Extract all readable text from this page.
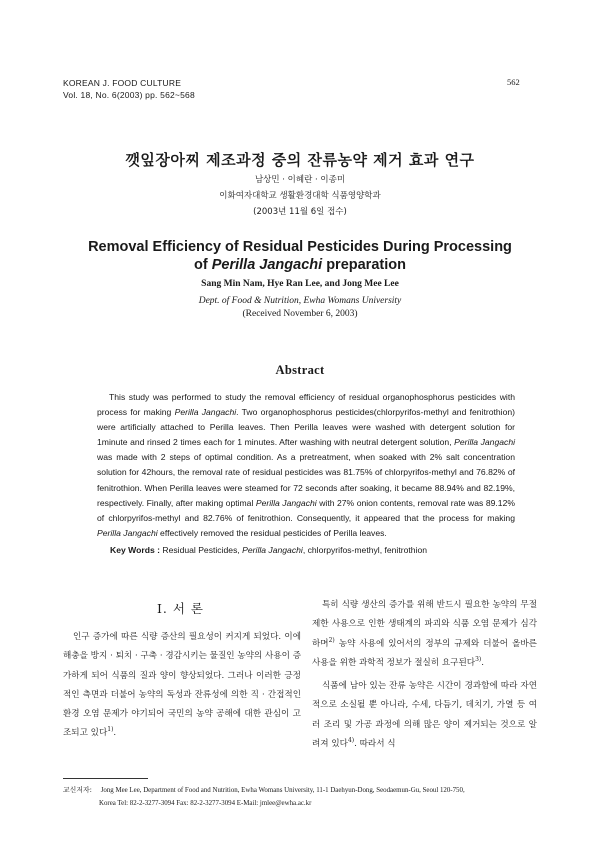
KOREAN J. FOOD CULTURE
Vol. 18, No. 6(2003) pp. 562~568
562
깻잎장아찌 제조과정 중의 잔류농약 제거 효과 연구
남상민 · 이혜란 · 이종미
이화여자대학교 생활환경대학 식품영양학과
(2003년 11월 6일 접수)
Removal Efficiency of Residual Pesticides During Processing
of Perilla Jangachi preparation
Sang Min Nam, Hye Ran Lee, and Jong Mee Lee
Dept. of Food & Nutrition, Ewha Womans University
(Received November 6, 2003)
Abstract

This study was performed to study the removal efficiency of residual organophosphorus pesticides with process for making Perilla Jangachi. Two organophosphorus pesticides(chlorpyrifos-methyl and fenitrothion) were artificially attached to Perilla leaves. Then Perilla leaves were washed with detergent solution for 1minute and rinsed 2 times each for 1 minutes. After washing with neutral detergent solution, Perilla Jangachi was made with 2 steps of optimal condition. As a pretreatment, when soaked with 2% salt concentration solution for 42hours, the removal rate of residual pesticides was 81.75% of chlorpyrifos-methyl and 76.82% of fenitrothion. When Perilla leaves were steamed for 72 seconds after soaking, it became 88.94% and 82.19%, respectively. Finally, after making optimal Perilla Jangachi with 27% onion contents, removal rate was 89.12% of chlorpyrifos-methyl and 82.76% of fenitrothion. Consequently, it appeared that the process for making Perilla Jangachi effectively removed the residual pesticides of Perilla leaves.

Key Words : Residual Pesticides, Perilla Jangachi, chlorpyrifos-methyl, fenitrothion
I. 서 론

인구 증가에 따른 식량 증산의 필요성이 커지게 되었다. 이에 해충을 방지 · 퇴치 · 구축 · 경감시키는 물질인 농약의 사용이 증가하게 되어 식품의 질과 양이 향상되었다. 그러나 이러한 긍정적인 측면과 더불어 농약의 독성과 잔류성에 의한 직 · 간접적인 환경 오염 문제가 야기되어 국민의 농약 공해에 대한 관심이 고조되고 있다$^{1)}$.

특히 식량 생산의 증가를 위해 반드시 필요한 농약의 무절제한 사용으로 인한 생태계의 파괴와 식품 오염 문제가 심각하며$^{2)}$ 농약 사용에 있어서의 정부의 규제와 더불어 올바른 사용을 위한 과학적 정보가 절실히 요구된다$^{3)}$.

식품에 남아 있는 잔류 농약은 시간이 경과함에 따라 자연적으로 소실될 뿐 아니라, 수세, 다듬기, 데치기, 가열 등 여러 조리 및 가공 과정에 의해 많은 양이 제거되는 것으로 알려져 있다$^{4)}$. 따라서 식

교신저자: Jong Mee Lee, Department of Food and Nutrition, Ewha Womans University, 11-1 Daehyun-Dong, Seodaemun-Gu, Seoul 120-750,
Korea Tel: 82-2-3277-3094 Fax: 82-2-3277-3094 E-Mail: jmlee@ewha.ac.kr
